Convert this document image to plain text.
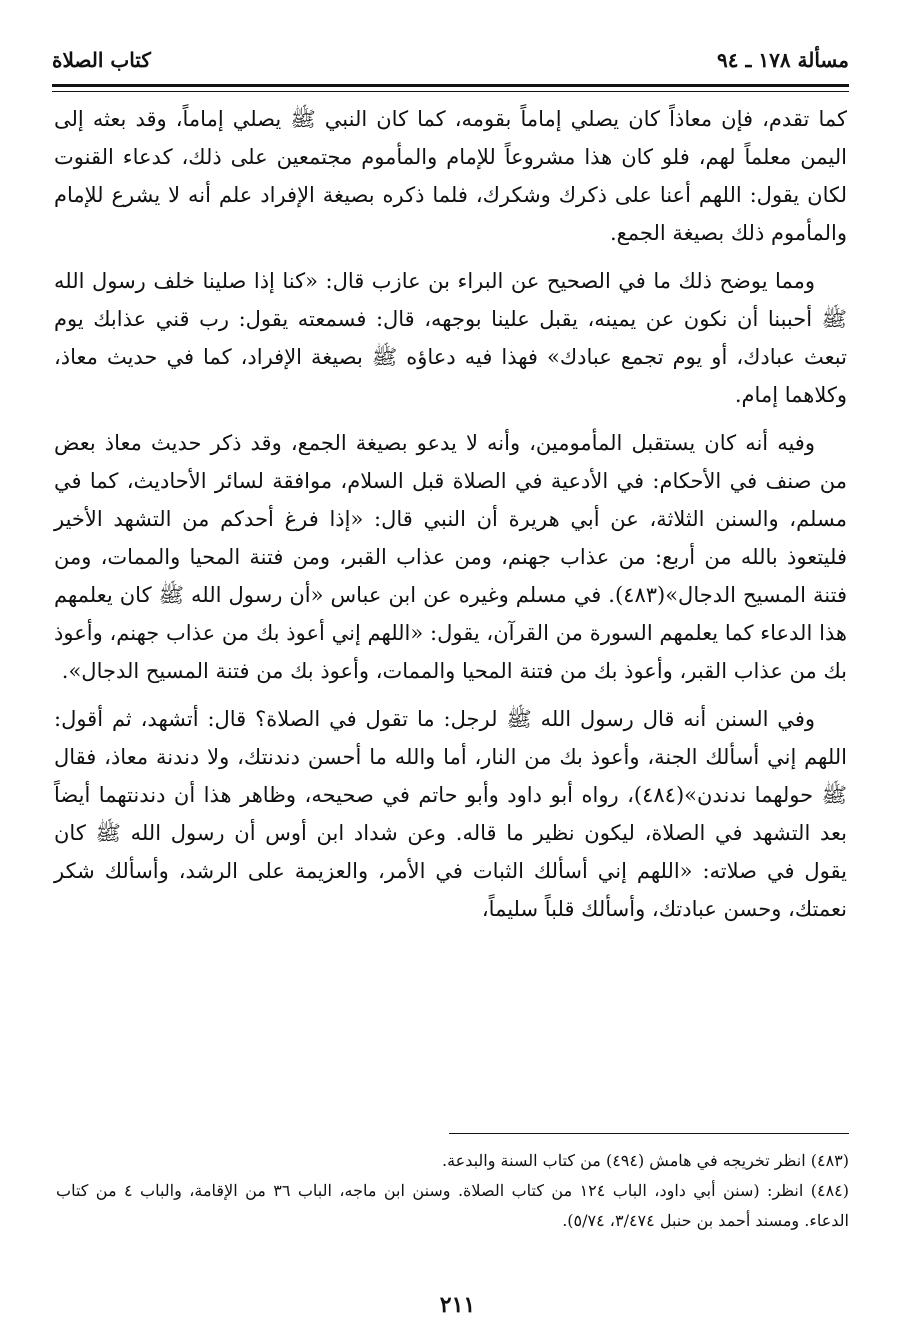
مسألة ١٧٨ ـ ٩٤
كتاب الصلاة

كما تقدم، فإن معاذاً كان يصلي إماماً بقومه، كما كان النبي ﷺ يصلي إماماً، وقد بعثه إلى اليمن معلماً لهم، فلو كان هذا مشروعاً للإمام والمأموم مجتمعين على ذلك، كدعاء القنوت لكان يقول: اللهم أعنا على ذكرك وشكرك، فلما ذكره بصيغة الإفراد علم أنه لا يشرع للإمام والمأموم ذلك بصيغة الجمع.

ومما يوضح ذلك ما في الصحيح عن البراء بن عازب قال: «كنا إذا صلينا خلف رسول الله ﷺ أحببنا أن نكون عن يمينه، يقبل علينا بوجهه، قال: فسمعته يقول: رب قني عذابك يوم تبعث عبادك، أو يوم تجمع عبادك» فهذا فيه دعاؤه ﷺ بصيغة الإفراد، كما في حديث معاذ، وكلاهما إمام.

وفيه أنه كان يستقبل المأمومين، وأنه لا يدعو بصيغة الجمع، وقد ذكر حديث معاذ بعض من صنف في الأحكام: في الأدعية في الصلاة قبل السلام، موافقة لسائر الأحاديث، كما في مسلم، والسنن الثلاثة، عن أبي هريرة أن النبي قال: «إذا فرغ أحدكم من التشهد الأخير فليتعوذ بالله من أربع: من عذاب جهنم، ومن عذاب القبر، ومن فتنة المحيا والممات، ومن فتنة المسيح الدجال»(٤٨٣). في مسلم وغيره عن ابن عباس «أن رسول الله ﷺ كان يعلمهم هذا الدعاء كما يعلمهم السورة من القرآن، يقول: «اللهم إني أعوذ بك من عذاب جهنم، وأعوذ بك من عذاب القبر، وأعوذ بك من فتنة المحيا والممات، وأعوذ بك من فتنة المسيح الدجال».

وفي السنن أنه قال رسول الله ﷺ لرجل: ما تقول في الصلاة؟ قال: أتشهد، ثم أقول: اللهم إني أسألك الجنة، وأعوذ بك من النار، أما والله ما أحسن دندنتك، ولا دندنة معاذ، فقال ﷺ حولهما ندندن»(٤٨٤)، رواه أبو داود وأبو حاتم في صحيحه، وظاهر هذا أن دندنتهما أيضاً بعد التشهد في الصلاة، ليكون نظير ما قاله. وعن شداد ابن أوس أن رسول الله ﷺ كان يقول في صلاته: «اللهم إني أسألك الثبات في الأمر، والعزيمة على الرشد، وأسألك شكر نعمتك، وحسن عبادتك، وأسألك قلباً سليماً،

(٤٨٣) انظر تخريجه في هامش (٤٩٤) من كتاب السنة والبدعة.

(٤٨٤) انظر: (سنن أبي داود، الباب ١٢٤ من كتاب الصلاة. وسنن ابن ماجه، الباب ٣٦ من الإقامة، والباب ٤ من كتاب الدعاء. ومسند أحمد بن حنبل ٣/٤٧٤، ٥/٧٤).

٢١١
